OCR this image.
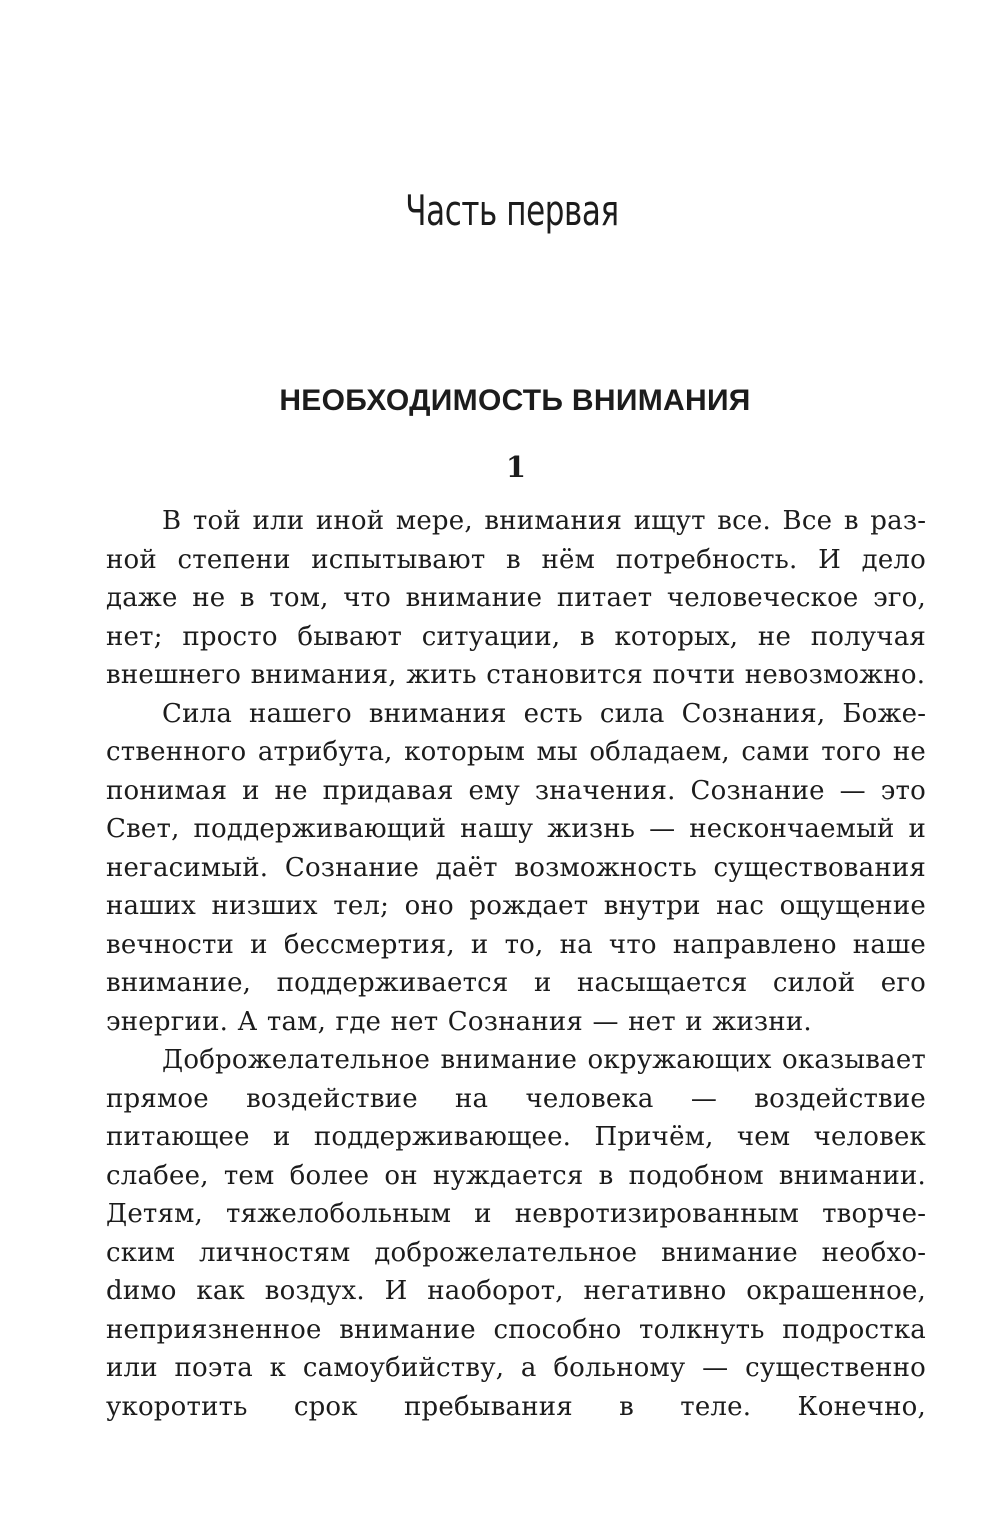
Часть первая
НЕОБХОДИМОСТЬ ВНИМАНИЯ
1

В той или иной мере, внимания ищут все. Все в разной степени испытывают в нём потребность. И дело даже не в том, что внимание питает человеческое эго, нет; просто бывают ситуации, в которых, не получая внешнего внимания, жить становится почти невозможно.

Сила нашего внимания есть сила Сознания, Божественного атрибута, которым мы обладаем, сами того не понимая и не придавая ему значения. Сознание — это Свет, поддерживающий нашу жизнь — нескончаемый и негасимый. Сознание даёт возможность существования наших низших тел; оно рождает внутри нас ощущение вечности и бессмертия, и то, на что направлено наше внимание, поддерживается и насыщается силой его энергии. А там, где нет Сознания — нет и жизни.

Доброжелательное внимание окружающих оказывает прямое воздействие на человека — воздействие питающее и поддерживающее. Причём, чем человек слабее, тем более он нуждается в подобном внимании. Детям, тяжелобольным и невротизированным творческим личностям доброжелательное внимание необхоdимо как воздух. И наоборот, негативно окрашенное, неприязненное внимание способно толкнуть подростка или поэта к самоубийству, а больному — существенно укоротить срок пребывания в теле. Конечно,
